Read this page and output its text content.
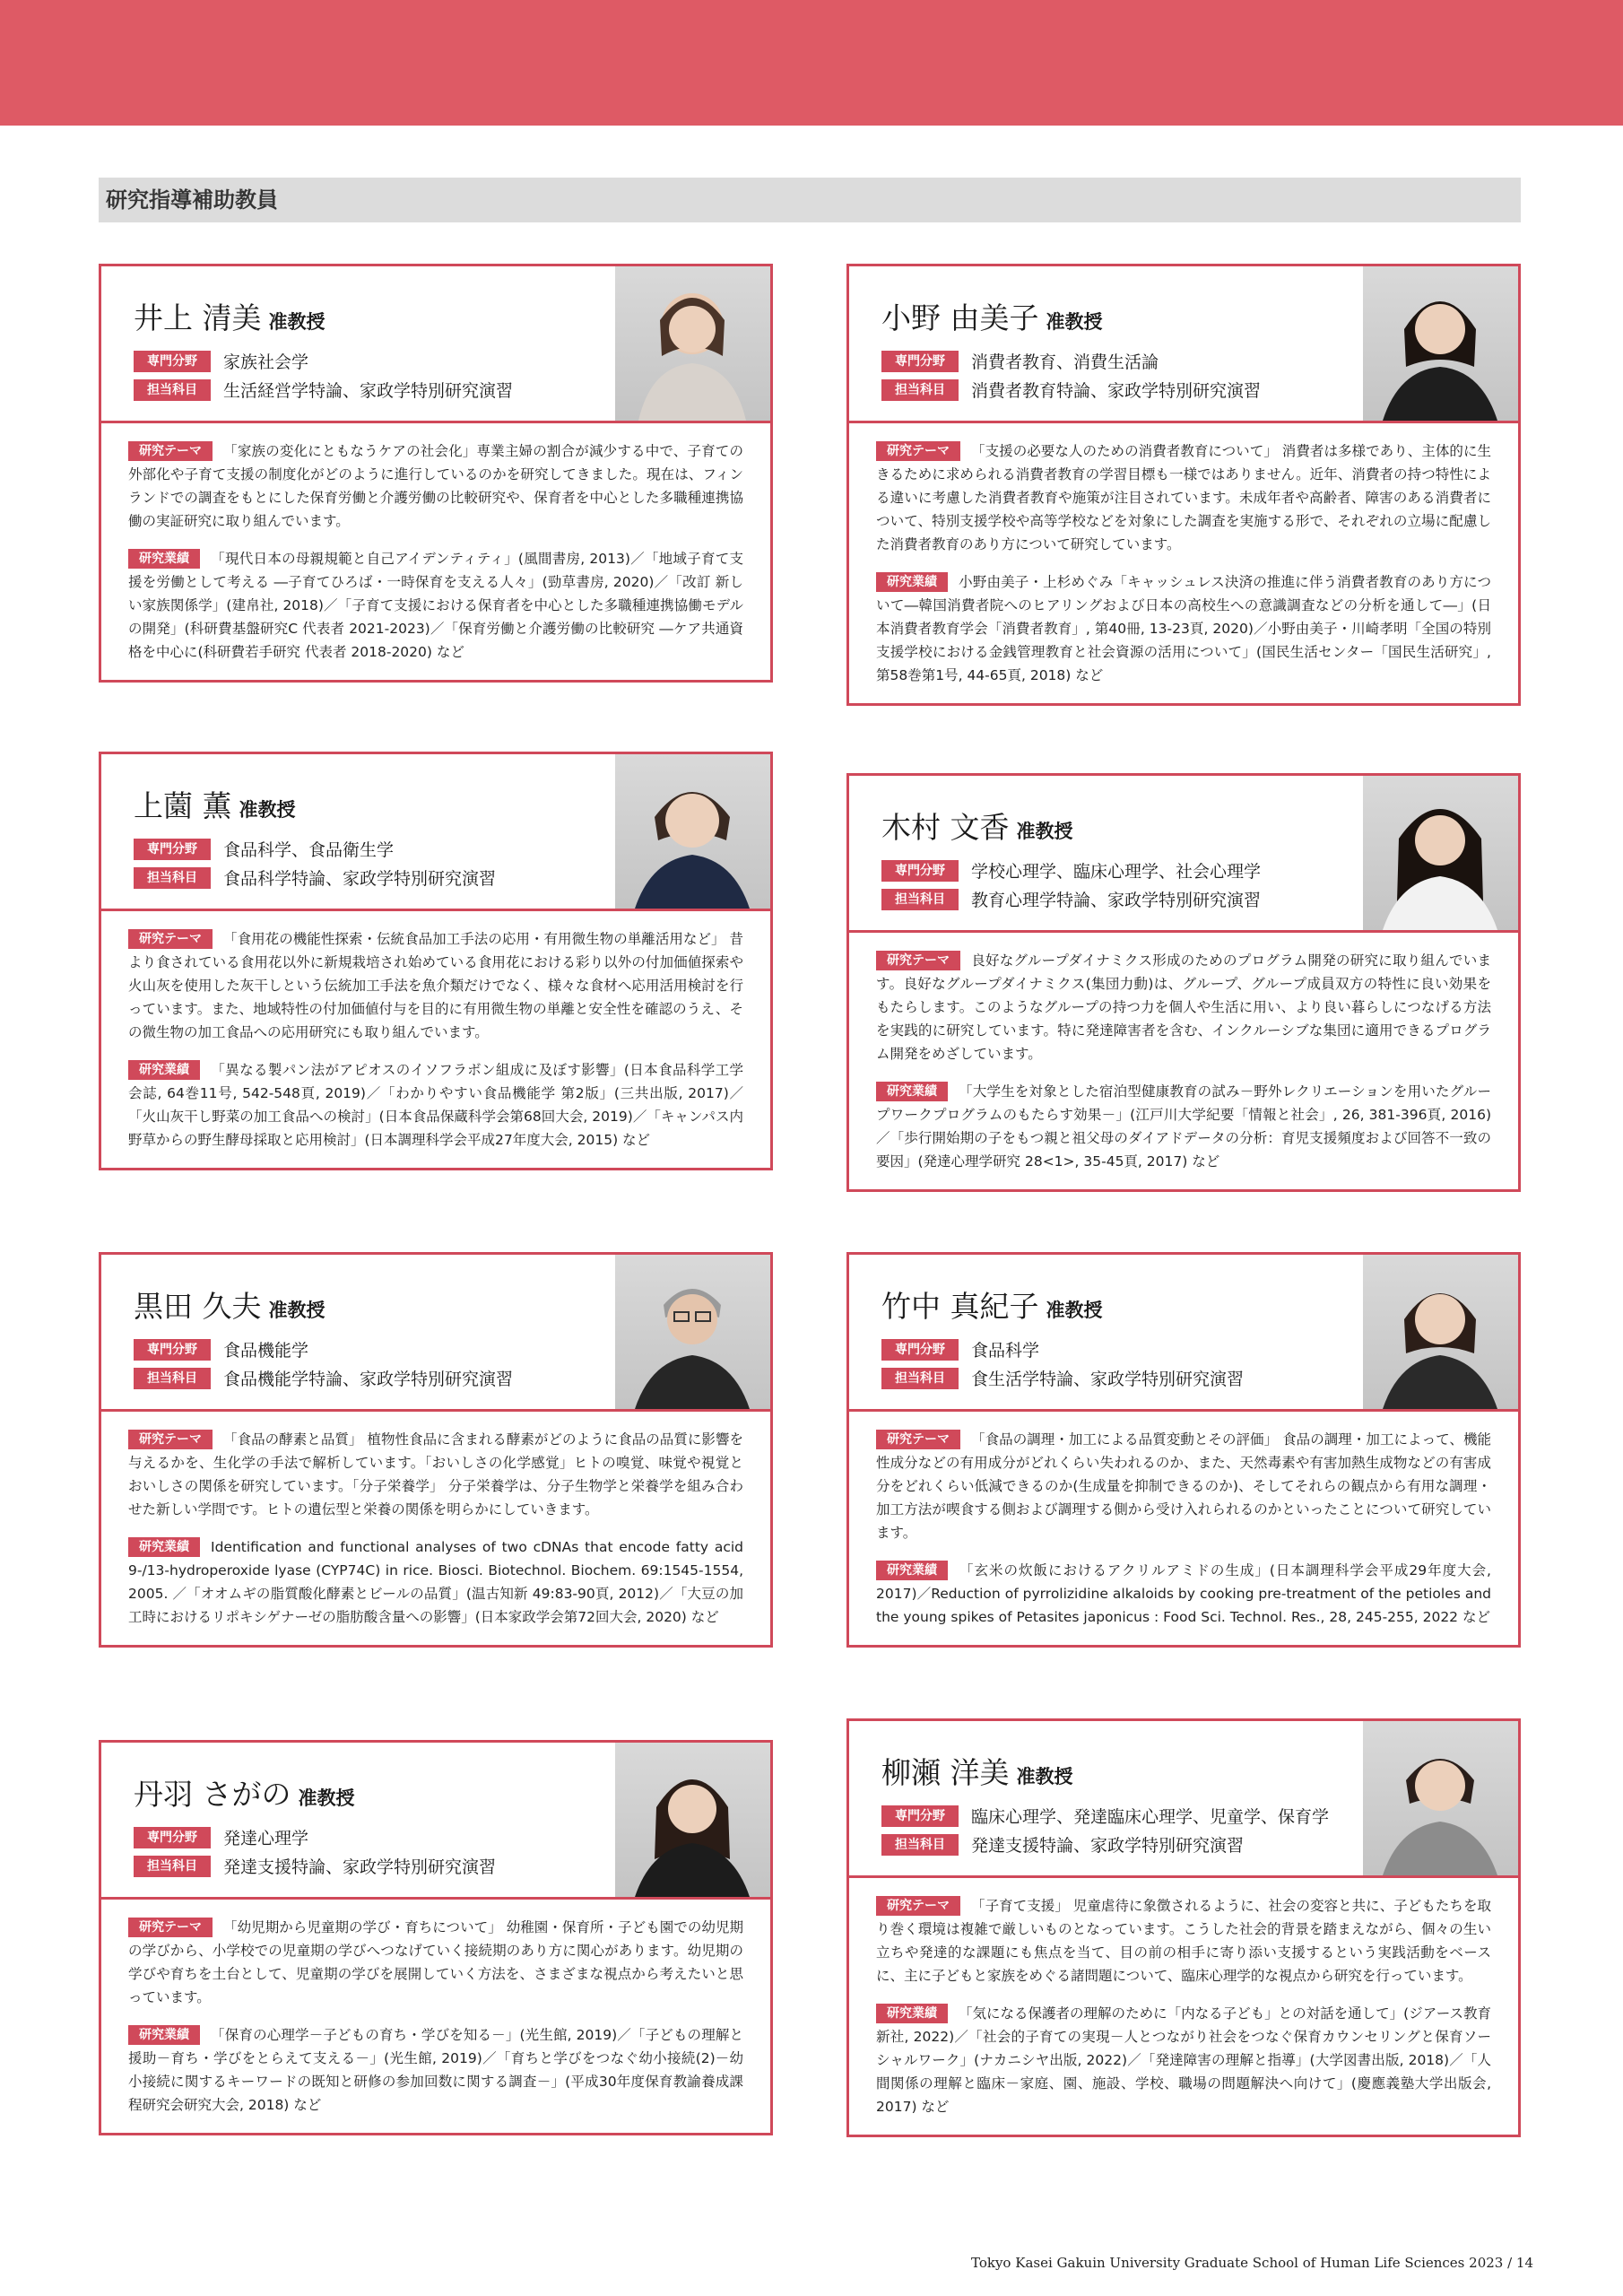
研究指導補助教員
井上 清美 准教授
専門分野	家族社会学
担当科目	生活経営学特論、家政学特別研究演習
研究テーマ 「家族の変化にともなうケアの社会化」専業主婦の割合が減少する中で、子育ての外部化や子育て支援の制度化がどのように進行しているのかを研究してきました。現在は、フィンランドでの調査をもとにした保育労働と介護労働の比較研究や、保育者を中心とした多職種連携協働の実証研究に取り組んでいます。
研究業績 「現代日本の母親規範と自己アイデンティティ」(風間書房, 2013)／「地域子育て支援を労働として考える ―子育てひろば・一時保育を支える人々」(勁草書房, 2020)／「改訂 新しい家族関係学」(建帛社, 2018)／「子育て支援における保育者を中心とした多職種連携協働モデルの開発」(科研費基盤研究C 代表者 2021-2023)／「保育労働と介護労働の比較研究 ―ケア共通資格を中心に(科研費若手研究 代表者 2018-2020) など
小野 由美子 准教授
専門分野	消費者教育、消費生活論
担当科目	消費者教育特論、家政学特別研究演習
研究テーマ 「支援の必要な人のための消費者教育について」 消費者は多様であり、主体的に生きるために求められる消費者教育の学習目標も一様ではありません。近年、消費者の持つ特性による違いに考慮した消費者教育や施策が注目されています。未成年者や高齢者、障害のある消費者について、特別支援学校や高等学校などを対象にした調査を実施する形で、それぞれの立場に配慮した消費者教育のあり方について研究しています。
研究業績 小野由美子・上杉めぐみ「キャッシュレス決済の推進に伴う消費者教育のあり方について―韓国消費者院へのヒアリングおよび日本の高校生への意識調査などの分析を通して―」(日本消費者教育学会「消費者教育」, 第40冊, 13-23頁, 2020)／小野由美子・川崎孝明「全国の特別支援学校における金銭管理教育と社会資源の活用について」(国民生活センター「国民生活研究」, 第58巻第1号, 44-65頁, 2018) など
上薗 薫 准教授
専門分野	食品科学、食品衛生学
担当科目	食品科学特論、家政学特別研究演習
研究テーマ 「食用花の機能性探索・伝統食品加工手法の応用・有用微生物の単離活用など」 昔より食されている食用花以外に新規栽培され始めている食用花における彩り以外の付加価値探索や火山灰を使用した灰干しという伝統加工手法を魚介類だけでなく、様々な食材へ応用活用検討を行っています。また、地域特性の付加価値付与を目的に有用微生物の単離と安全性を確認のうえ、その微生物の加工食品への応用研究にも取り組んでいます。
研究業績 「異なる製パン法がアピオスのイソフラボン組成に及ぼす影響」(日本食品科学工学会誌, 64巻11号, 542-548頁, 2019)／「わかりやすい食品機能学 第2版」(三共出版, 2017)／「火山灰干し野菜の加工食品への検討」(日本食品保蔵科学会第68回大会, 2019)／「キャンパス内野草からの野生酵母採取と応用検討」(日本調理科学会平成27年度大会, 2015) など
木村 文香 准教授
専門分野	学校心理学、臨床心理学、社会心理学
担当科目	教育心理学特論、家政学特別研究演習
研究テーマ 良好なグループダイナミクス形成のためのプログラム開発の研究に取り組んでいます。良好なグループダイナミクス(集団力動)は、グループ、グループ成員双方の特性に良い効果をもたらします。このようなグループの持つ力を個人や生活に用い、より良い暮らしにつなげる方法を実践的に研究しています。特に発達障害者を含む、インクルーシブな集団に適用できるプログラム開発をめざしています。
研究業績 「大学生を対象とした宿泊型健康教育の試み－野外レクリエーションを用いたグループワークプログラムのもたらす効果－」(江戸川大学紀要「情報と社会」, 26, 381-396頁, 2016)／「歩行開始期の子をもつ親と祖父母のダイアドデータの分析：育児支援頻度および回答不一致の要因」(発達心理学研究 28<1>, 35-45頁, 2017) など
黒田 久夫 准教授
専門分野	食品機能学
担当科目	食品機能学特論、家政学特別研究演習
研究テーマ 「食品の酵素と品質」 植物性食品に含まれる酵素がどのように食品の品質に影響を与えるかを、生化学の手法で解析しています。「おいしさの化学感覚」ヒトの嗅覚、味覚や視覚とおいしさの関係を研究しています。「分子栄養学」 分子栄養学は、分子生物学と栄養学を組み合わせた新しい学問です。ヒトの遺伝型と栄養の関係を明らかにしていきます。
研究業績 Identification and functional analyses of two cDNAs that encode fatty acid 9-/13-hydroperoxide lyase (CYP74C) in rice. Biosci. Biotechnol. Biochem. 69:1545-1554, 2005. ／「オオムギの脂質酸化酵素とビールの品質」(温古知新 49:83-90頁, 2012)／「大豆の加工時におけるリポキシゲナーゼの脂肪酸含量への影響」(日本家政学会第72回大会, 2020) など
竹中 真紀子 准教授
専門分野	食品科学
担当科目	食生活学特論、家政学特別研究演習
研究テーマ 「食品の調理・加工による品質変動とその評価」 食品の調理・加工によって、機能性成分などの有用成分がどれくらい失われるのか、また、天然毒素や有害加熱生成物などの有害成分をどれくらい低減できるのか(生成量を抑制できるのか)、そしてそれらの観点から有用な調理・加工方法が喫食する側および調理する側から受け入れられるのかといったことについて研究しています。
研究業績 「玄米の炊飯におけるアクリルアミドの生成」(日本調理科学会平成29年度大会, 2017)／Reduction of pyrrolizidine alkaloids by cooking pre-treatment of the petioles and the young spikes of Petasites japonicus : Food Sci. Technol. Res., 28, 245-255, 2022 など
丹羽 さがの 准教授
専門分野	発達心理学
担当科目	発達支援特論、家政学特別研究演習
研究テーマ 「幼児期から児童期の学び・育ちについて」 幼稚園・保育所・子ども園での幼児期の学びから、小学校での児童期の学びへつなげていく接続期のあり方に関心があります。幼児期の学びや育ちを土台として、児童期の学びを展開していく方法を、さまざまな視点から考えたいと思っています。
研究業績 「保育の心理学－子どもの育ち・学びを知る－」(光生館, 2019)／「子どもの理解と援助－育ち・学びをとらえて支える－」(光生館, 2019)／「育ちと学びをつなぐ幼小接続(2)－幼小接続に関するキーワードの既知と研修の参加回数に関する調査－」(平成30年度保育教諭養成課程研究会研究大会, 2018) など
柳瀬 洋美 准教授
専門分野	臨床心理学、発達臨床心理学、児童学、保育学
担当科目	発達支援特論、家政学特別研究演習
研究テーマ 「子育て支援」 児童虐待に象徴されるように、社会の変容と共に、子どもたちを取り巻く環境は複雑で厳しいものとなっています。こうした社会的背景を踏まえながら、個々の生い立ちや発達的な課題にも焦点を当て、目の前の相手に寄り添い支援するという実践活動をベースに、主に子どもと家族をめぐる諸問題について、臨床心理学的な視点から研究を行っています。
研究業績 「気になる保護者の理解のために「内なる子ども」との対話を通して」(ジアース教育新社, 2022)／「社会的子育ての実現－人とつながり社会をつなぐ保育カウンセリングと保育ソーシャルワーク」(ナカニシヤ出版, 2022)／「発達障害の理解と指導」(大学図書出版, 2018)／「人間関係の理解と臨床－家庭、園、施設、学校、職場の問題解決へ向けて」(慶應義塾大学出版会, 2017) など
Tokyo Kasei Gakuin University Graduate School of Human Life Sciences 2023 / 14
